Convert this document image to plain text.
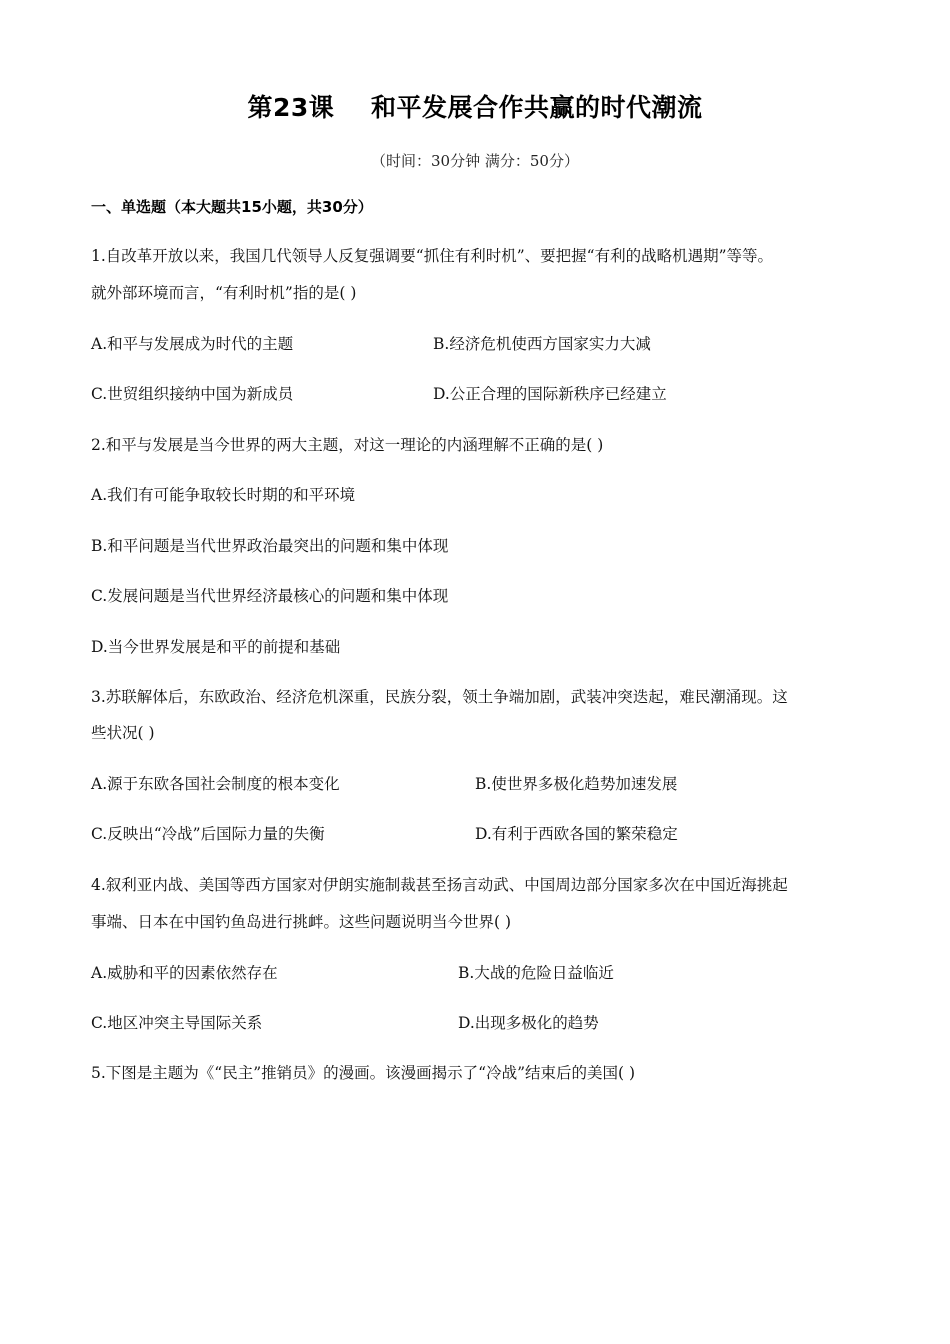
第23课    和平发展合作共赢的时代潮流
（时间：30分钟 满分：50分）
一、单选题（本大题共15小题，共30分）
1.自改革开放以来，我国几代领导人反复强调要“抓住有利时机”、要把握“有利的战略机遇期”等等。
就外部环境而言，“有利时机”指的是( )
A.和平与发展成为时代的主题	B.经济危机使西方国家实力大减
C.世贸组织接纳中国为新成员	D.公正合理的国际新秩序已经建立
2.和平与发展是当今世界的两大主题，对这一理论的内涵理解不正确的是( )
A.我们有可能争取较长时期的和平环境
B.和平问题是当代世界政治最突出的问题和集中体现
C.发展问题是当代世界经济最核心的问题和集中体现
D.当今世界发展是和平的前提和基础
3.苏联解体后，东欧政治、经济危机深重，民族分裂，领土争端加剧，武装冲突迭起，难民潮涌现。这
些状况( )
A.源于东欧各国社会制度的根本变化	B.使世界多极化趋势加速发展
C.反映出“冷战”后国际力量的失衡	D.有利于西欧各国的繁荣稳定
4.叙利亚内战、美国等西方国家对伊朗实施制裁甚至扬言动武、中国周边部分国家多次在中国近海挑起
事端、日本在中国钓鱼岛进行挑衅。这些问题说明当今世界( )
A.威胁和平的因素依然存在	B.大战的危险日益临近
C.地区冲突主导国际关系	D.出现多极化的趋势
5.下图是主题为《“民主”推销员》的漫画。该漫画揭示了“冷战”结束后的美国( )
